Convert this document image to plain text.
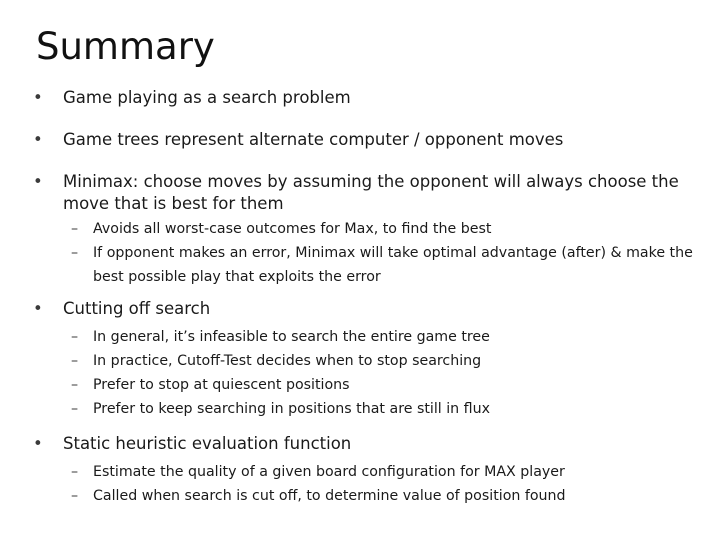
Summary
• Game playing as a search problem
• Game trees represent alternate computer / opponent moves
• Minimax: choose moves by assuming the opponent will always choose the move that is best for them
– Avoids all worst-case outcomes for Max, to find the best
– If opponent makes an error, Minimax will take optimal advantage (after) & make the best possible play that exploits the error
• Cutting off search
– In general, it’s infeasible to search the entire game tree
– In practice, Cutoff-Test decides when to stop searching
– Prefer to stop at quiescent positions
– Prefer to keep searching in positions that are still in flux
• Static heuristic evaluation function
– Estimate the quality of a given board configuration for MAX player
– Called when search is cut off, to determine value of position found
